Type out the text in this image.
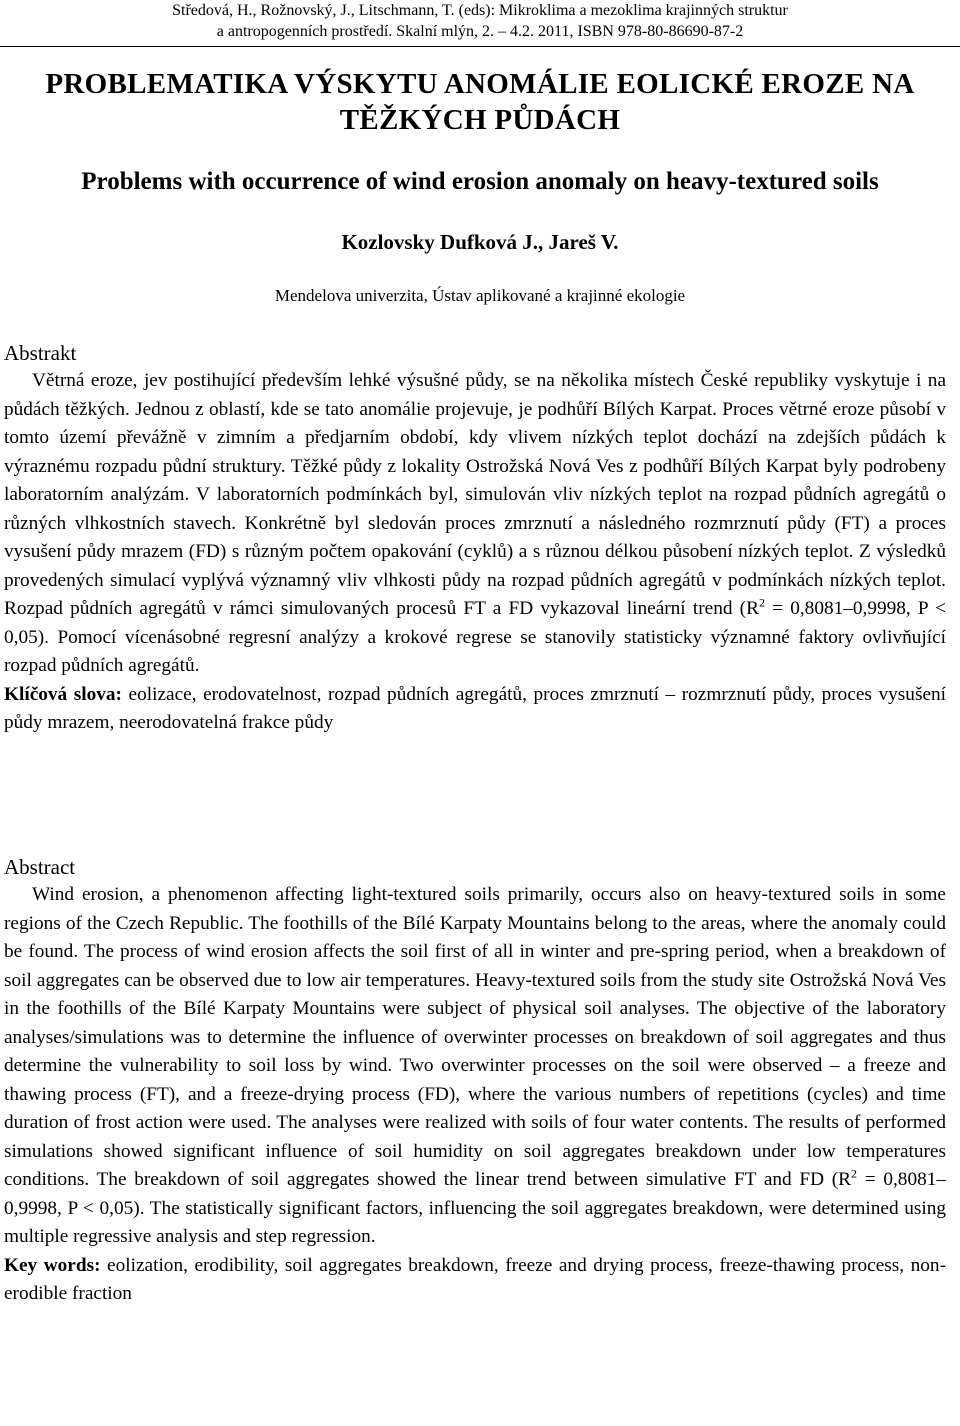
Středová, H., Rožnovský, J., Litschmann, T. (eds): Mikroklima a mezoklima krajinných struktur
a antropogenních prostředí. Skalní mlýn, 2. – 4.2. 2011, ISBN 978-80-86690-87-2
PROBLEMATIKA VÝSKYTU ANOMÁLIE EOLICKÉ EROZE NA
TĚŽKÝCH PŮDÁCH
Problems with occurrence of wind erosion anomaly on heavy-textured soils
Kozlovsky Dufková J., Jareš V.
Mendelova univerzita, Ústav aplikované a krajinné ekologie
Abstrakt
Větrná eroze, jev postihující především lehké výsušné půdy, se na několika místech České republiky vyskytuje i na půdách těžkých. Jednou z oblastí, kde se tato anomálie projevuje, je podhůří Bílých Karpat. Proces větrné eroze působí v tomto území převážně v zimním a předjarním období, kdy vlivem nízkých teplot dochází na zdejších půdách k výraznému rozpadu půdní struktury. Těžké půdy z lokality Ostrožská Nová Ves z podhůří Bílých Karpat byly podrobeny laboratorním analýzám. V laboratorních podmínkách byl, simulován vliv nízkých teplot na rozpad půdních agregátů o různých vlhkostních stavech. Konkrétně byl sledován proces zmrznutí a následného rozmrznutí půdy (FT) a proces vysušení půdy mrazem (FD) s různým počtem opakování (cyklů) a s různou délkou působení nízkých teplot. Z výsledků provedených simulací vyplývá významný vliv vlhkosti půdy na rozpad půdních agregátů v podmínkách nízkých teplot. Rozpad půdních agregátů v rámci simulovaných procesů FT a FD vykazoval lineární trend ($R^2 = 0,8081-0,9998$, P < 0,05). Pomocí vícenásobné regresní analýzy a krokové regrese se stanovily statisticky významné faktory ovlivňující rozpad půdních agregátů.
Klíčová slova: eolizace, erodovatelnost, rozpad půdních agregátů, proces zmrznutí – rozmrznutí půdy, proces vysušení půdy mrazem, neerodovatelná frakce půdy
Abstract
Wind erosion, a phenomenon affecting light-textured soils primarily, occurs also on heavy-textured soils in some regions of the Czech Republic. The foothills of the Bílé Karpaty Mountains belong to the areas, where the anomaly could be found. The process of wind erosion affects the soil first of all in winter and pre-spring period, when a breakdown of soil aggregates can be observed due to low air temperatures. Heavy-textured soils from the study site Ostrožská Nová Ves in the foothills of the Bílé Karpaty Mountains were subject of physical soil analyses. The objective of the laboratory analyses/simulations was to determine the influence of overwinter processes on breakdown of soil aggregates and thus determine the vulnerability to soil loss by wind. Two overwinter processes on the soil were observed – a freeze and thawing process (FT), and a freeze-drying process (FD), where the various numbers of repetitions (cycles) and time duration of frost action were used. The analyses were realized with soils of four water contents. The results of performed simulations showed significant influence of soil humidity on soil aggregates breakdown under low temperatures conditions. The breakdown of soil aggregates showed the linear trend between simulative FT and FD ($R^2 = 0,8081-0,9998$, P < 0,05). The statistically significant factors, influencing the soil aggregates breakdown, were determined using multiple regressive analysis and step regression.
Key words: eolization, erodibility, soil aggregates breakdown, freeze and drying process, freeze-thawing process, non-erodible fraction
